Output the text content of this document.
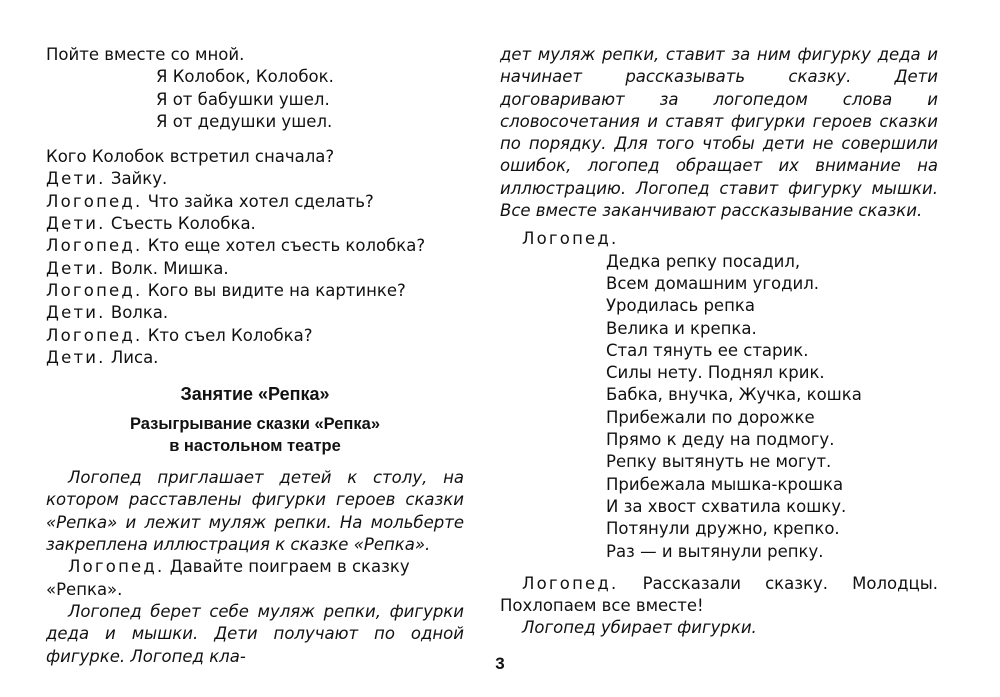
Пойте вместе со мной.

Я Колобок, Колобок.

Я от бабушки ушел.

Я от дедушки ушел.

Кого Колобок встретил сначала?

Дети. Зайку.

Логопед. Что зайка хотел сделать?

Дети. Съесть Колобка.

Логопед. Кто еще хотел съесть колобка?

Дети. Волк. Мишка.

Логопед. Кого вы видите на картинке?

Дети. Волка.

Логопед. Кто съел Колобка?

Дети. Лиса.

Занятие «Репка»
Разыгрывание сказки «Репка»
в настольном театре

Логопед приглашает детей к столу, на котором расставлены фигурки героев сказки «Репка» и лежит муляж репки. На мольберте закреплена иллюстрация к сказке «Репка».

Логопед. Давайте поиграем в сказку «Репка».

Логопед берет себе муляж репки, фигурки деда и мышки. Дети получают по одной фигурке. Логопед кла-

дет муляж репки, ставит за ним фигурку деда и начинает рассказывать сказку. Дети договаривают за логопедом слова и словосочетания и ставят фигурки героев сказки по порядку. Для того чтобы дети не совершили ошибок, логопед обращает их внимание на иллюстрацию. Логопед ставит фигурку мышки. Все вместе заканчивают рассказывание сказки.

Логопед.

Дедка репку посадил,

Всем домашним угодил.

Уродилась репка

Велика и крепка.

Стал тянуть ее старик.

Силы нету. Поднял крик.

Бабка, внучка, Жучка, кошка

Прибежали по дорожке

Прямо к деду на подмогу.

Репку вытянуть не могут.

Прибежала мышка-крошка

И за хвост схватила кошку.

Потянули дружно, крепко.

Раз — и вытянули репку.

Логопед. Рассказали сказку. Молодцы. Похлопаем все вместе!

Логопед убирает фигурки.

3
